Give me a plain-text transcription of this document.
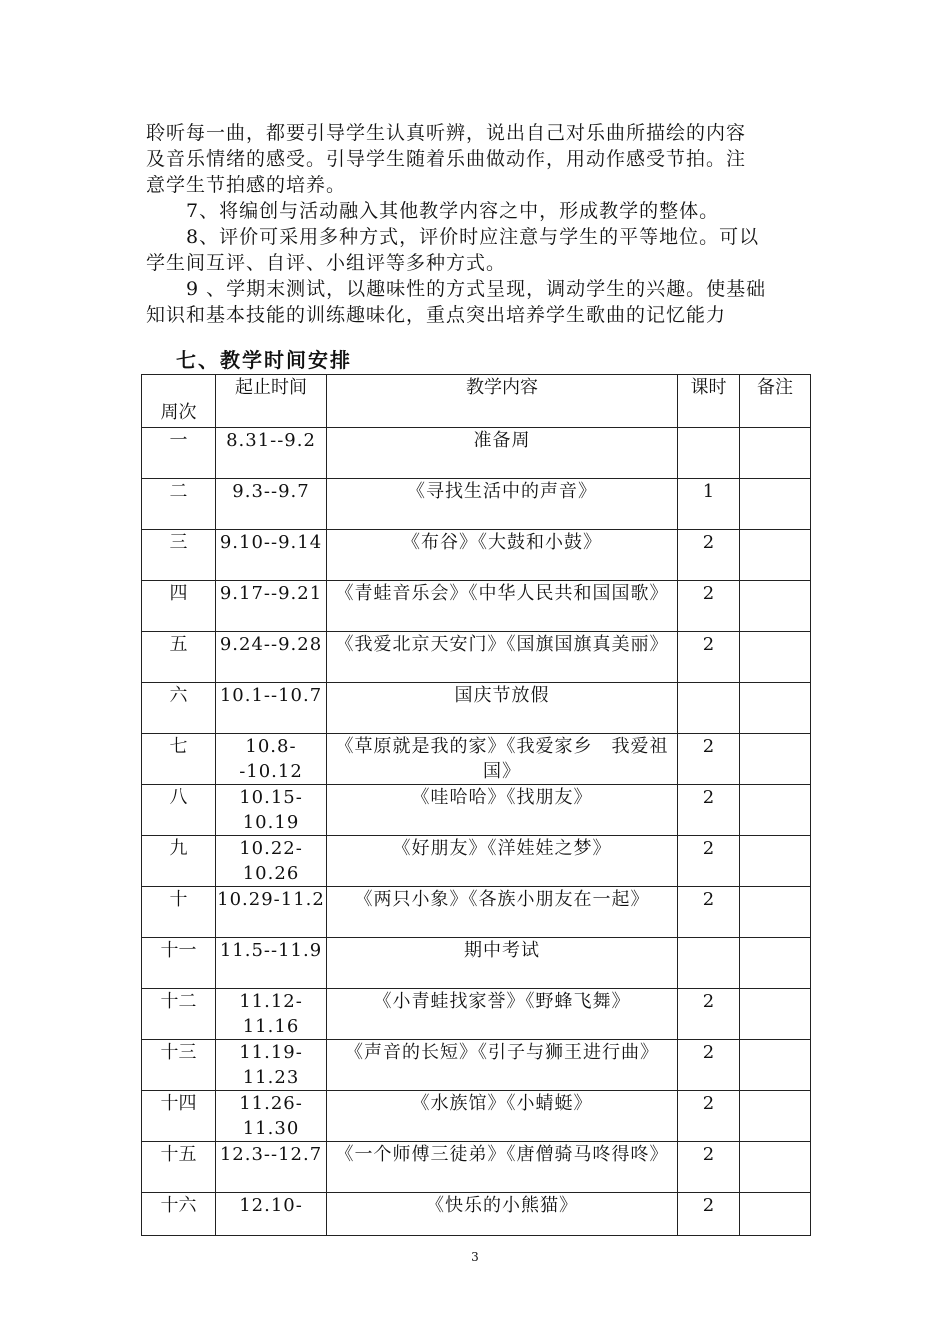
聆听每一曲，都要引导学生认真听辨，说出自己对乐曲所描绘的内容

及音乐情绪的感受。引导学生随着乐曲做动作，用动作感受节拍。注

意学生节拍感的培养。

　　7、将编创与活动融入其他教学内容之中，形成教学的整体。

　　8、评价可采用多种方式，评价时应注意与学生的平等地位。可以

学生间互评、自评、小组评等多种方式。

　　9 、学期末测试，以趣味性的方式呈现，调动学生的兴趣。使基础

知识和基本技能的训练趣味化，重点突出培养学生歌曲的记忆能力

七、教学时间安排
周次	起止时间	教学内容	课时	备注
一	8.31--9.2	准备周		
二	9.3--9.7	《寻找生活中的声音》	1	
三	9.10--9.14	《布谷》《大鼓和小鼓》	2	
四	9.17--9.21	《青蛙音乐会》《中华人民共和国国歌》	2	
五	9.24--9.28	《我爱北京天安门》《国旗国旗真美丽》	2	
六	10.1--10.7	国庆节放假		
七	10.8--10.12	《草原就是我的家》《我爱家乡　我爱祖国》	2	
八	10.15-10.19	《哇哈哈》《找朋友》	2	
九	10.22-10.26	《好朋友》《洋娃娃之梦》	2	
十	10.29-11.2	《两只小象》《各族小朋友在一起》	2	
十一	11.5--11.9	期中考试		
十二	11.12-11.16	《小青蛙找家誉》《野蜂飞舞》	2	
十三	11.19-11.23	《声音的长短》《引子与狮王进行曲》	2	
十四	11.26-11.30	《水族馆》《小蜻蜓》	2	
十五	12.3--12.7	《一个师傅三徒弟》《唐僧骑马咚得咚》	2	
十六	12.10-	《快乐的小熊猫》	2	
3
